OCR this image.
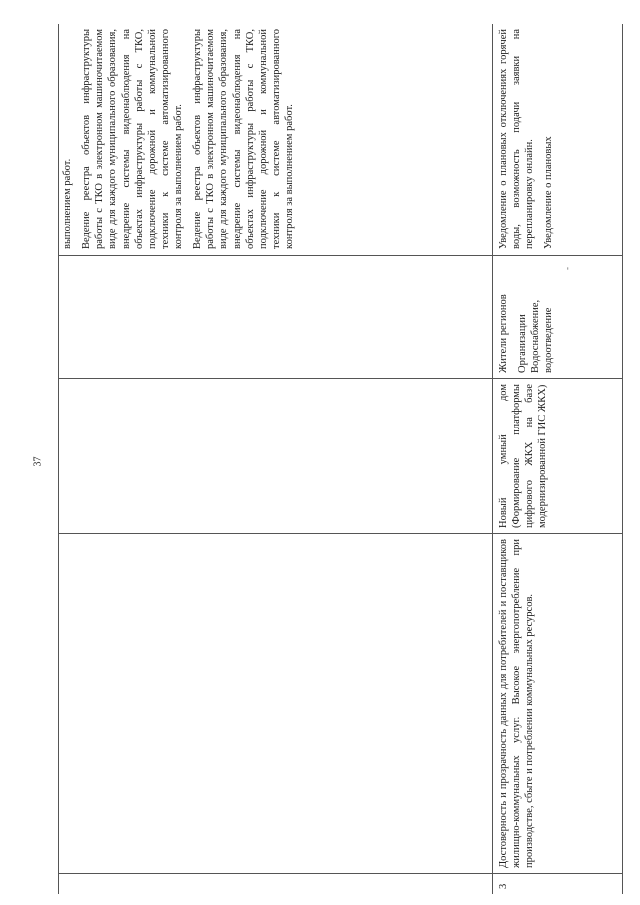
37

выполнением работ. Ведение реестра объектов инфраструктуры работы с ТКО в электронном машиночитаемом виде для каждого муниципального образования, внедрение системы видеонаблюдения на объектах инфраструктуры работы с ТКО, подключение дорожной и коммунальной техники к системе автоматизированного контроля за выполнением работ. Ведение реестра объектов инфраструктуры работы с ТКО в электронном машиночитаемом виде для каждого муниципального образования, внедрение системы видеонаблюдения на объектах инфраструктуры работы с ТКО, подключение дорожной и коммунальной техники к системе автоматизированного контроля за выполнением работ.

3
Достоверность и прозрачность данных для потребителей и поставщиков жилищно-коммунальных услуг. Высокое энергопотребление при производстве, сбыте и потреблении коммунальных ресурсов.
Новый умный дом (Формирование платформы цифрового ЖКХ на базе модернизированной ГИС ЖКХ)

Жители регионов Организации Водоснабжение, водоотведение

-

Уведомление о плановых отключениях горячей воды, возможность подачи заявки на перепланировку онлайн. Уведомление о плановых
